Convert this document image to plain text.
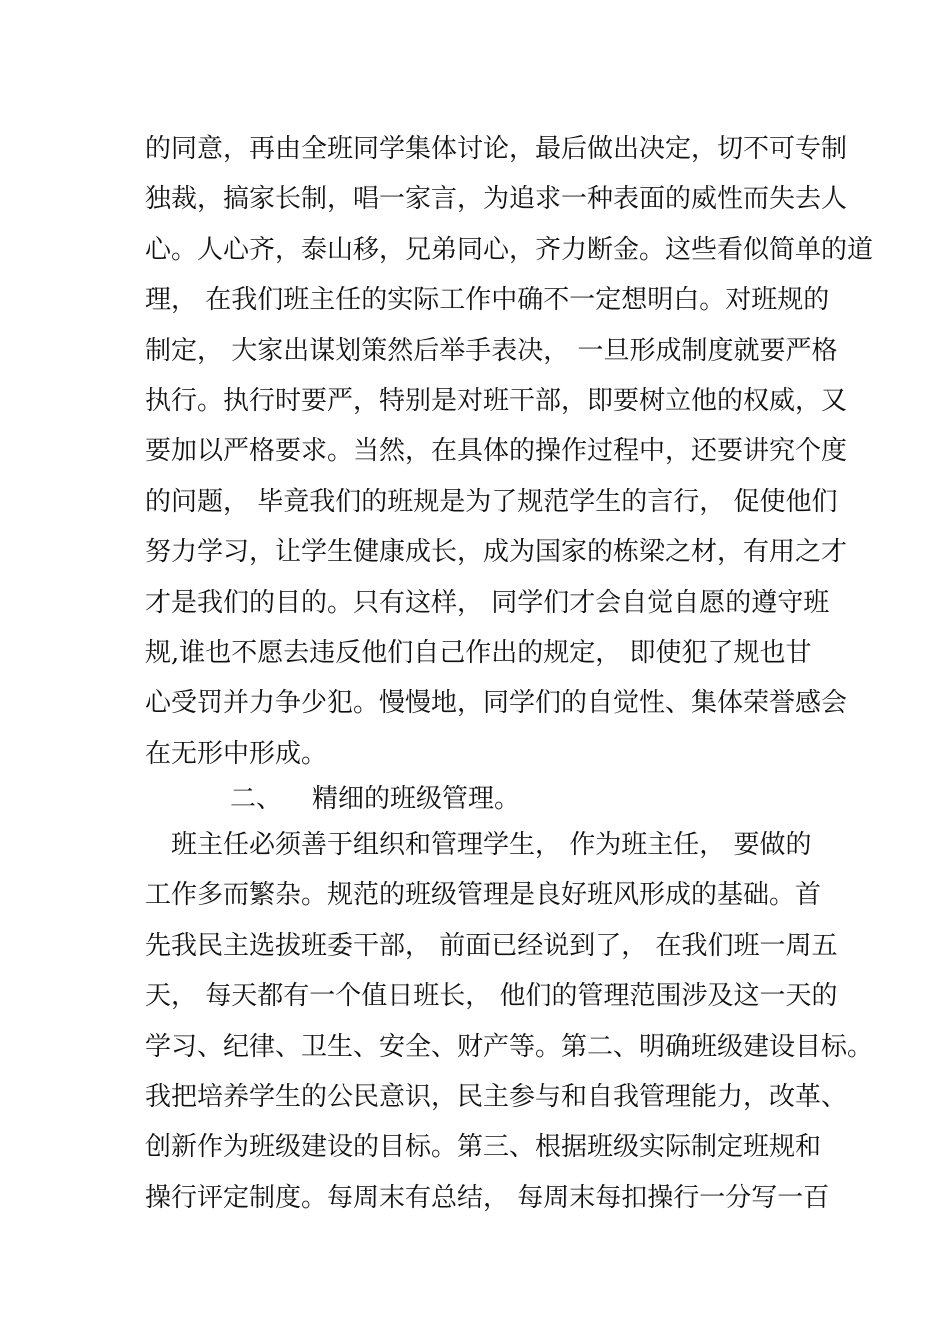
的同意，再由全班同学集体讨论，最后做出决定，切不可专制
独裁，搞家长制，唱一家言，为追求一种表面的威性而失去人
心。人心齐，泰山移，兄弟同心，齐力断金。这些看似简单的道
理， 在我们班主任的实际工作中确不一定想明白。对班规的
制定， 大家出谋划策然后举手表决， 一旦形成制度就要严格
执行。执行时要严，特别是对班干部，即要树立他的权威，又
要加以严格要求。当然，在具体的操作过程中，还要讲究个度
的问题， 毕竟我们的班规是为了规范学生的言行， 促使他们
努力学习，让学生健康成长，成为国家的栋梁之材，有用之才
才是我们的目的。只有这样， 同学们才会自觉自愿的遵守班
规,谁也不愿去违反他们自己作出的规定， 即使犯了规也甘
心受罚并力争少犯。慢慢地，同学们的自觉性、集体荣誉感会
在无形中形成。
二、 精细的班级管理。
　班主任必须善于组织和管理学生， 作为班主任， 要做的
工作多而繁杂。规范的班级管理是良好班风形成的基础。首
先我民主选拔班委干部， 前面已经说到了， 在我们班一周五
天， 每天都有一个值日班长， 他们的管理范围涉及这一天的
学习、纪律、卫生、安全、财产等。第二、明确班级建设目标。
我把培养学生的公民意识，民主参与和自我管理能力，改革、
创新作为班级建设的目标。第三、根据班级实际制定班规和
操行评定制度。每周末有总结， 每周末每扣操行一分写一百
